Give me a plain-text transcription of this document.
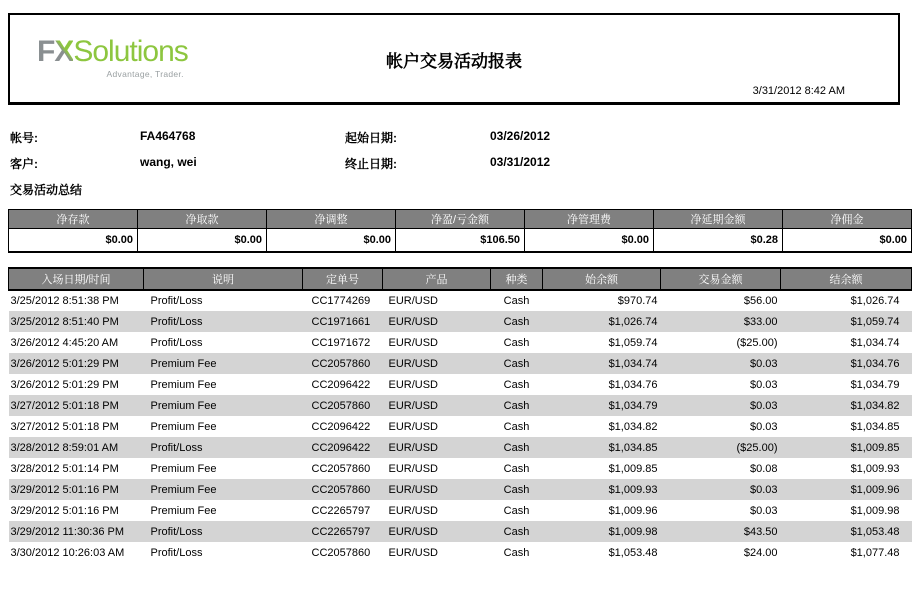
FXSolutions
Advantage, Trader.
帐户交易活动报表
3/31/2012 8:42 AM
帐号:	FA464768	起始日期:	03/26/2012
客户:	wang, wei	终止日期:	03/31/2012
交易活动总结
净存款	净取款	净调整	净盈/亏金额	净管理费	净延期金额	净佣金
$0.00	$0.00	$0.00	$106.50	$0.00	$0.28	$0.00
入场日期/时间	说明	定单号	产品	种类	始余额	交易金额	结余额
3/25/2012 8:51:38 PM	Profit/Loss	CC1774269	EUR/USD	Cash	$970.74	$56.00	$1,026.74
3/25/2012 8:51:40 PM	Profit/Loss	CC1971661	EUR/USD	Cash	$1,026.74	$33.00	$1,059.74
3/26/2012 4:45:20 AM	Profit/Loss	CC1971672	EUR/USD	Cash	$1,059.74	($25.00)	$1,034.74
3/26/2012 5:01:29 PM	Premium Fee	CC2057860	EUR/USD	Cash	$1,034.74	$0.03	$1,034.76
3/26/2012 5:01:29 PM	Premium Fee	CC2096422	EUR/USD	Cash	$1,034.76	$0.03	$1,034.79
3/27/2012 5:01:18 PM	Premium Fee	CC2057860	EUR/USD	Cash	$1,034.79	$0.03	$1,034.82
3/27/2012 5:01:18 PM	Premium Fee	CC2096422	EUR/USD	Cash	$1,034.82	$0.03	$1,034.85
3/28/2012 8:59:01 AM	Profit/Loss	CC2096422	EUR/USD	Cash	$1,034.85	($25.00)	$1,009.85
3/28/2012 5:01:14 PM	Premium Fee	CC2057860	EUR/USD	Cash	$1,009.85	$0.08	$1,009.93
3/29/2012 5:01:16 PM	Premium Fee	CC2057860	EUR/USD	Cash	$1,009.93	$0.03	$1,009.96
3/29/2012 5:01:16 PM	Premium Fee	CC2265797	EUR/USD	Cash	$1,009.96	$0.03	$1,009.98
3/29/2012 11:30:36 PM	Profit/Loss	CC2265797	EUR/USD	Cash	$1,009.98	$43.50	$1,053.48
3/30/2012 10:26:03 AM	Profit/Loss	CC2057860	EUR/USD	Cash	$1,053.48	$24.00	$1,077.48
